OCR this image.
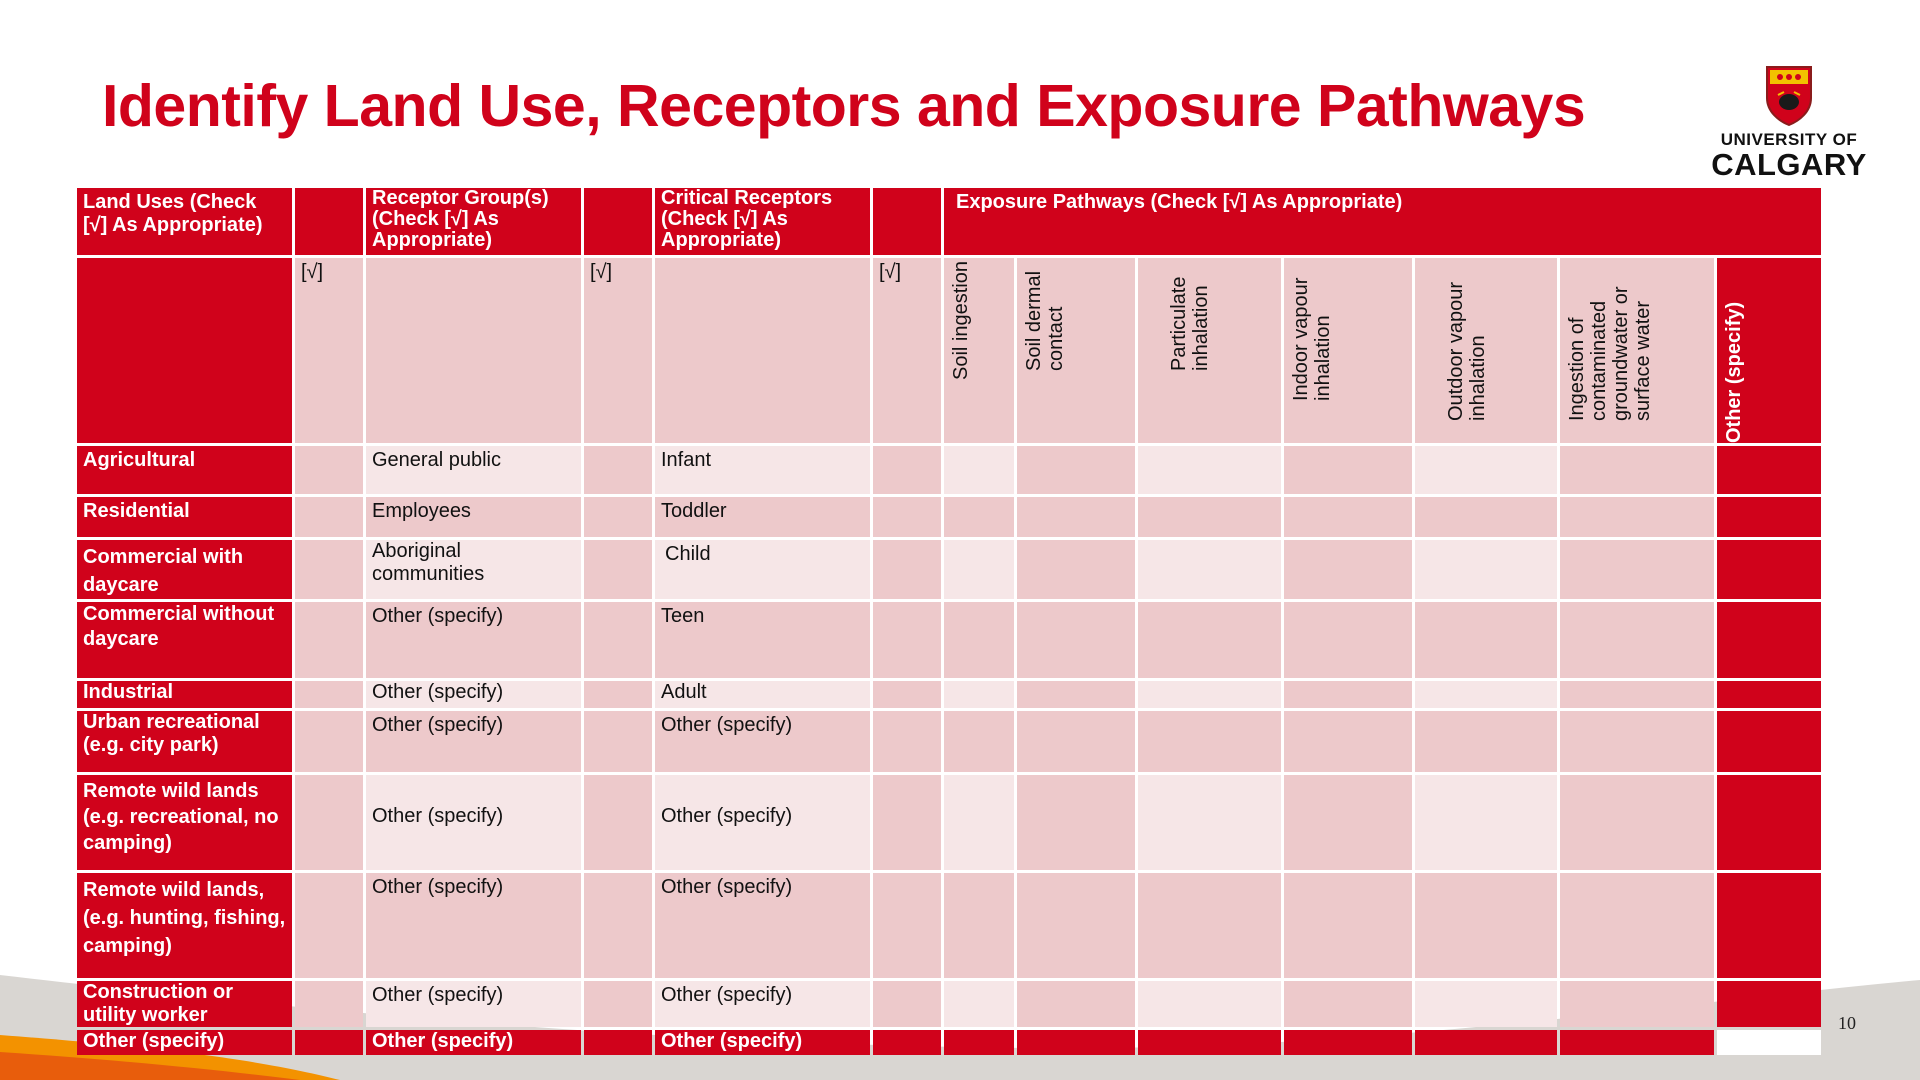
Identify Land Use, Receptors and Exposure Pathways
UNIVERSITY OF
CALGARY
Land Uses (Check [√] As Appropriate)		Receptor Group(s) (Check [√] As Appropriate)		Critical Receptors (Check [√] As Appropriate)		Exposure Pathways (Check [√] As Appropriate)						
	[√]		[√]		[√]	Soil ingestion	Soil dermal contact	Particulate inhalation	Indoor vapour inhalation	Outdoor vapour inhalation	Ingestion of contaminated groundwater or surface water	Other (specify)

Agricultural		General public		Infant								
Residential		Employees		Toddler								
Commercial with daycare		Aboriginal communities		Child								
Commercial without daycare		Other (specify)		Teen								
Industrial		Other (specify)		Adult								
Urban recreational (e.g. city park)		Other (specify)		Other (specify)								
Remote wild lands (e.g. recreational, no camping)		Other (specify)		Other (specify)								
Remote wild lands, (e.g. hunting, fishing, camping)		Other (specify)		Other (specify)								
Construction or utility worker		Other (specify)		Other (specify)								
Other (specify)		Other (specify)		Other (specify)								
10
